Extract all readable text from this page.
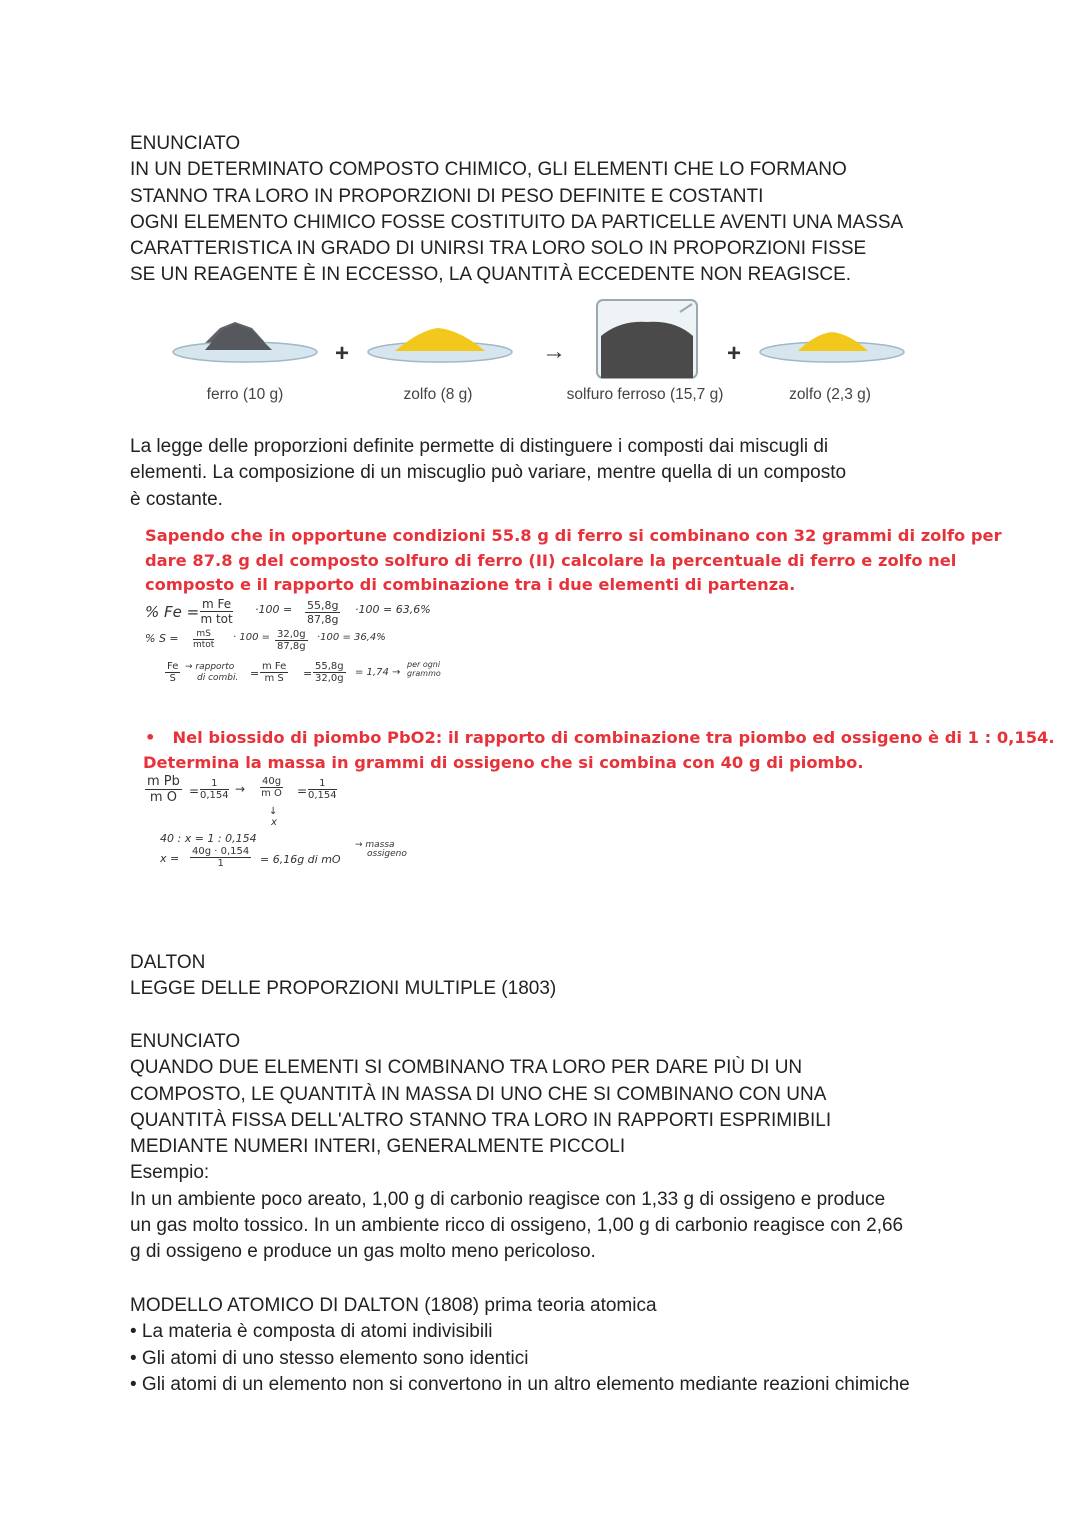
ENUNCIATO
IN UN DETERMINATO COMPOSTO CHIMICO, GLI ELEMENTI CHE LO FORMANO
STANNO TRA LORO IN PROPORZIONI DI PESO DEFINITE E COSTANTI
OGNI ELEMENTO CHIMICO FOSSE COSTITUITO DA PARTICELLE AVENTI UNA MASSA
CARATTERISTICA IN GRADO DI UNIRSI TRA LORO SOLO IN PROPORZIONI FISSE
SE UN REAGENTE È IN ECCESSO, LA QUANTITÀ ECCEDENTE NON REAGISCE.
+	→	+
ferro (10 g)	zolfo (8 g)	solfuro ferroso (15,7 g)	zolfo (2,3 g)
La legge delle proporzioni definite permette di distinguere i composti dai miscugli di
elementi. La composizione di un miscuglio può variare, mentre quella di un composto
è costante.
Sapendo che in opportune condizioni 55.8 g di ferro si combinano con 32 grammi di zolfo per
dare 87.8 g del composto solfuro di ferro (II) calcolare la percentuale di ferro e zolfo nel
composto e il rapporto di combinazione tra i due elementi di partenza.
% Fe = m Fe
m tot
$\cdot 100 = \frac{55,8g}{87,8g} \cdot 100 = 63,6\%$
% S =	mS
mtot
· $100 = \frac{32,0g}{87,8g} \cdot 100 = 36,4\%$
$\frac{Fe}{S}$ → rapporto
di combi. = $\frac{\text{m Fe}}{\text{m S}} = \frac{55,8g}{32,0g} = 1,74$ →
per ogni
grammo
• Nel biossido di piombo PbO2: il rapporto di combinazione tra piombo ed ossigeno è di 1 : 0,154.
Determina la massa in grammi di ossigeno che si combina con 40 g di piombo.
$\frac{\text{m Pb}}{\text{m O}} = \frac{1}{0,154} \to \frac{40g}{\text{m O}} = \frac{1}{0,154}$
↓
x
40 : x = 1 : 0,154
$x = \frac{40g \cdot 0,154}{1} = 6,16g$ di mO
→ massa
ossigeno
DALTON
LEGGE DELLE PROPORZIONI MULTIPLE (1803)
ENUNCIATO
QUANDO DUE ELEMENTI SI COMBINANO TRA LORO PER DARE PIÙ DI UN
COMPOSTO, LE QUANTITÀ IN MASSA DI UNO CHE SI COMBINANO CON UNA
QUANTITÀ FISSA DELL'ALTRO STANNO TRA LORO IN RAPPORTI ESPRIMIBILI
MEDIANTE NUMERI INTERI, GENERALMENTE PICCOLI
Esempio:
In un ambiente poco areato, 1,00 g di carbonio reagisce con 1,33 g di ossigeno e produce
un gas molto tossico. In un ambiente ricco di ossigeno, 1,00 g di carbonio reagisce con 2,66
g di ossigeno e produce un gas molto meno pericoloso.
MODELLO ATOMICO DI DALTON (1808) prima teoria atomica
• La materia è composta di atomi indivisibili
• Gli atomi di uno stesso elemento sono identici
• Gli atomi di un elemento non si convertono in un altro elemento mediante reazioni chimiche
